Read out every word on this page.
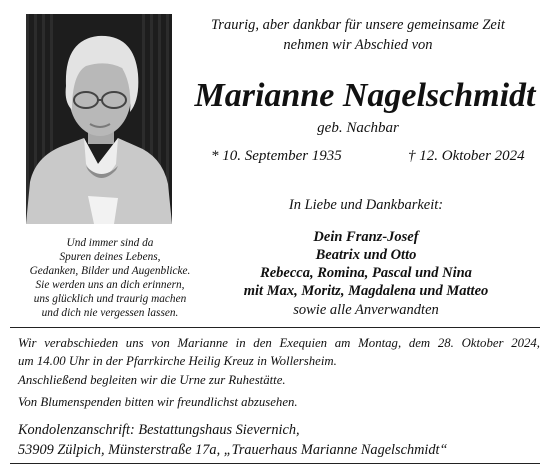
Traurig, aber dankbar für unsere gemeinsame Zeit
nehmen wir Abschied von
Marianne Nagelschmidt
geb. Nachbar
* 10. September 1935	† 12. Oktober 2024
In Liebe und Dankbarkeit:
Dein Franz-Josef
Beatrix und Otto
Rebecca, Romina, Pascal und Nina
mit Max, Moritz, Magdalena und Matteo
sowie alle Anverwandten
Und immer sind da
Spuren deines Lebens,
Gedanken, Bilder und Augenblicke.
Sie werden uns an dich erinnern,
uns glücklich und traurig machen
und dich nie vergessen lassen.
Wir verabschieden uns von Marianne in den Exequien am Montag, dem 28. Oktober 2024,
um 14.00 Uhr in der Pfarrkirche Heilig Kreuz in Wollersheim.
Anschließend begleiten wir die Urne zur Ruhestätte.
Von Blumenspenden bitten wir freundlichst abzusehen.
Kondolenzanschrift: Bestattungshaus Sievernich,
53909 Zülpich, Münsterstraße 17a, „Trauerhaus Marianne Nagelschmidt“
